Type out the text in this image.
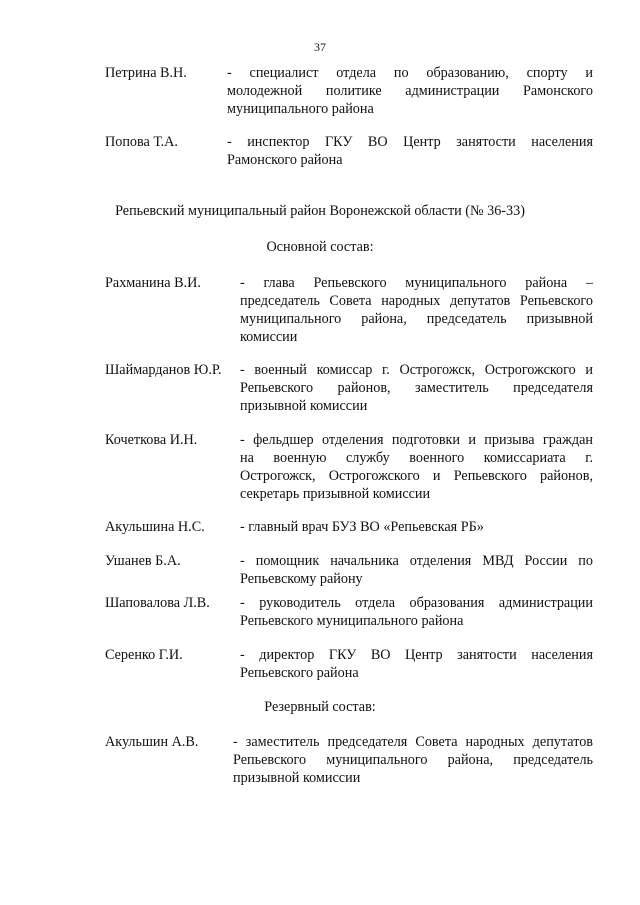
37
Петрина В.Н.	- специалист отдела по образованию, спорту и
молодежной политике администрации Рамонского
муниципального района
Попова Т.А.	- инспектор ГКУ ВО Центр занятости населения
Рамонского района
Репьевский муниципальный район Воронежской области (№ 36-33)
Основной состав:
Рахманина В.И.	- глава Репьевского муниципального района –
председатель Совета народных депутатов Репьевского
муниципального района, председатель призывной
комиссии
Шаймарданов Ю.Р. - военный комиссар г. Острогожск, Острогожского и
Репьевского районов, заместитель председателя
призывной комиссии
Кочеткова И.Н.	- фельдшер отделения подготовки и призыва граждан
на военную службу военного комиссариата г.
Острогожск, Острогожского и Репьевского районов,
секретарь призывной комиссии
Акульшина Н.С. - главный врач БУЗ ВО «Репьевская РБ»
Ушанев Б.А.	- помощник начальника отделения МВД России по
Репьевскому району
Шаповалова Л.В. - руководитель отдела образования администрации
Репьевского муниципального района
Серенко Г.И.	- директор ГКУ ВО Центр занятости населения
Репьевского района
Резервный состав:
Акульшин А.В. - заместитель председателя Совета народных депутатов
Репьевского муниципального района, председатель
призывной комиссии
